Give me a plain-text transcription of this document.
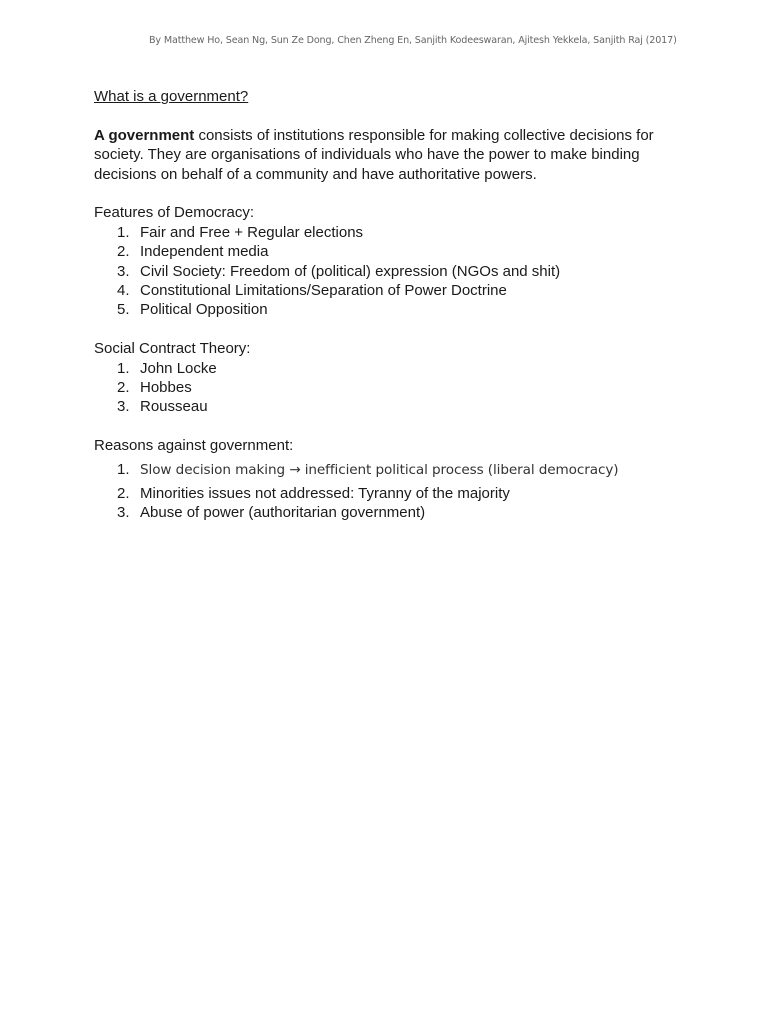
By Matthew Ho, Sean Ng, Sun Ze Dong, Chen Zheng En, Sanjith Kodeeswaran, Ajitesh Yekkela, Sanjith Raj (2017)

What is a government?

A government consists of institutions responsible for making collective decisions for society. They are organisations of individuals who have the power to make binding decisions on behalf of a community and have authoritative powers.

Features of Democracy:
1. Fair and Free + Regular elections
2. Independent media
3. Civil Society: Freedom of (political) expression (NGOs and shit)
4. Constitutional Limitations/Separation of Power Doctrine
5. Political Opposition
Social Contract Theory:
1. John Locke
2. Hobbes
3. Rousseau
Reasons against government:
1. Slow decision making → inefficient political process (liberal democracy)
2. Minorities issues not addressed: Tyranny of the majority
3. Abuse of power (authoritarian government)
